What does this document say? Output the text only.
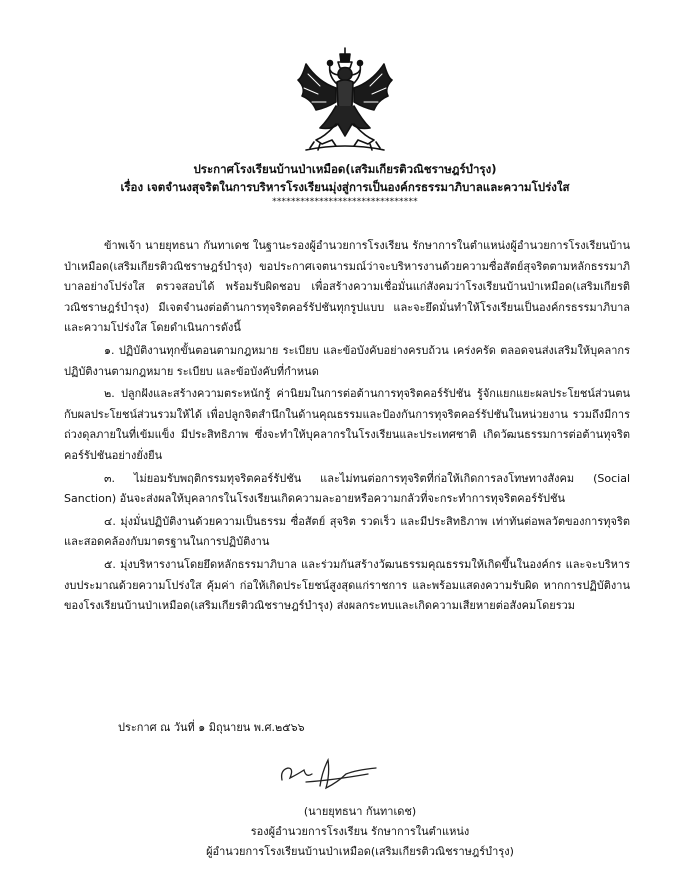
ประกาศโรงเรียนบ้านป่าเหมือด(เสริมเกียรติวณิชราษฎร์บำรุง)

เรื่อง เจตจำนงสุจริตในการบริหารโรงเรียนมุ่งสู่การเป็นองค์กรธรรมาภิบาลและความโปร่งใส

*******************************

ข้าพเจ้า นายยุทธนา กันทาเดช ในฐานะรองผู้อำนวยการโรงเรียน รักษาการในตำแหน่งผู้อำนวยการโรงเรียนบ้านป่าเหมือด(เสริมเกียรติวณิชราษฎร์บำรุง) ขอประกาศเจตนารมณ์ว่าจะบริหารงานด้วยความซื่อสัตย์สุจริตตามหลักธรรมาภิบาลอย่างโปร่งใส ตรวจสอบได้ พร้อมรับผิดชอบ เพื่อสร้างความเชื่อมั่นแก่สังคมว่าโรงเรียนบ้านป่าเหมือด(เสริมเกียรติวณิชราษฎร์บำรุง) มีเจตจำนงต่อต้านการทุจริตคอร์รัปชันทุกรูปแบบ และจะยึดมั่นทำให้โรงเรียนเป็นองค์กรธรรมาภิบาลและความโปร่งใส โดยดำเนินการดังนี้

๑. ปฏิบัติงานทุกขั้นตอนตามกฎหมาย ระเบียบ และข้อบังคับอย่างครบถ้วน เคร่งครัด ตลอดจนส่งเสริมให้บุคลากรปฏิบัติงานตามกฎหมาย ระเบียบ และข้อบังคับที่กำหนด

๒. ปลูกฝังและสร้างความตระหนักรู้ ค่านิยมในการต่อต้านการทุจริตคอร์รัปชัน รู้จักแยกแยะผลประโยชน์ส่วนตนกับผลประโยชน์ส่วนรวมให้ได้ เพื่อปลูกจิตสำนึกในด้านคุณธรรมและป้องกันการทุจริตคอร์รัปชันในหน่วยงาน รวมถึงมีการถ่วงดุลภายในที่เข้มแข็ง มีประสิทธิภาพ ซึ่งจะทำให้บุคลากรในโรงเรียนและประเทศชาติ เกิดวัฒนธรรมการต่อต้านทุจริตคอร์รัปชันอย่างยั่งยืน

๓. ไม่ยอมรับพฤติกรรมทุจริตคอร์รัปชัน และไม่ทนต่อการทุจริตที่ก่อให้เกิดการลงโทษทางสังคม (Social Sanction) อันจะส่งผลให้บุคลากรในโรงเรียนเกิดความละอายหรือความกลัวที่จะกระทำการทุจริตคอร์รัปชัน

๔. มุ่งมั่นปฏิบัติงานด้วยความเป็นธรรม ซื่อสัตย์ สุจริต รวดเร็ว และมีประสิทธิภาพ เท่าทันต่อพลวัตของการทุจริตและสอดคล้องกับมาตรฐานในการปฏิบัติงาน

๕. มุ่งบริหารงานโดยยึดหลักธรรมาภิบาล และร่วมกันสร้างวัฒนธรรมคุณธรรมให้เกิดขึ้นในองค์กร และจะบริหารงบประมาณด้วยความโปร่งใส คุ้มค่า ก่อให้เกิดประโยชน์สูงสุดแก่ราชการ และพร้อมแสดงความรับผิด หากการปฏิบัติงานของโรงเรียนบ้านป่าเหมือด(เสริมเกียรติวณิชราษฎร์บำรุง) ส่งผลกระทบและเกิดความเสียหายต่อสังคมโดยรวม

ประกาศ ณ วันที่ ๑ มิถุนายน พ.ศ.๒๕๖๖
(นายยุทธนา กันทาเดช)
รองผู้อำนวยการโรงเรียน รักษาการในตำแหน่ง
ผู้อำนวยการโรงเรียนบ้านป่าเหมือด(เสริมเกียรติวณิชราษฎร์บำรุง)
